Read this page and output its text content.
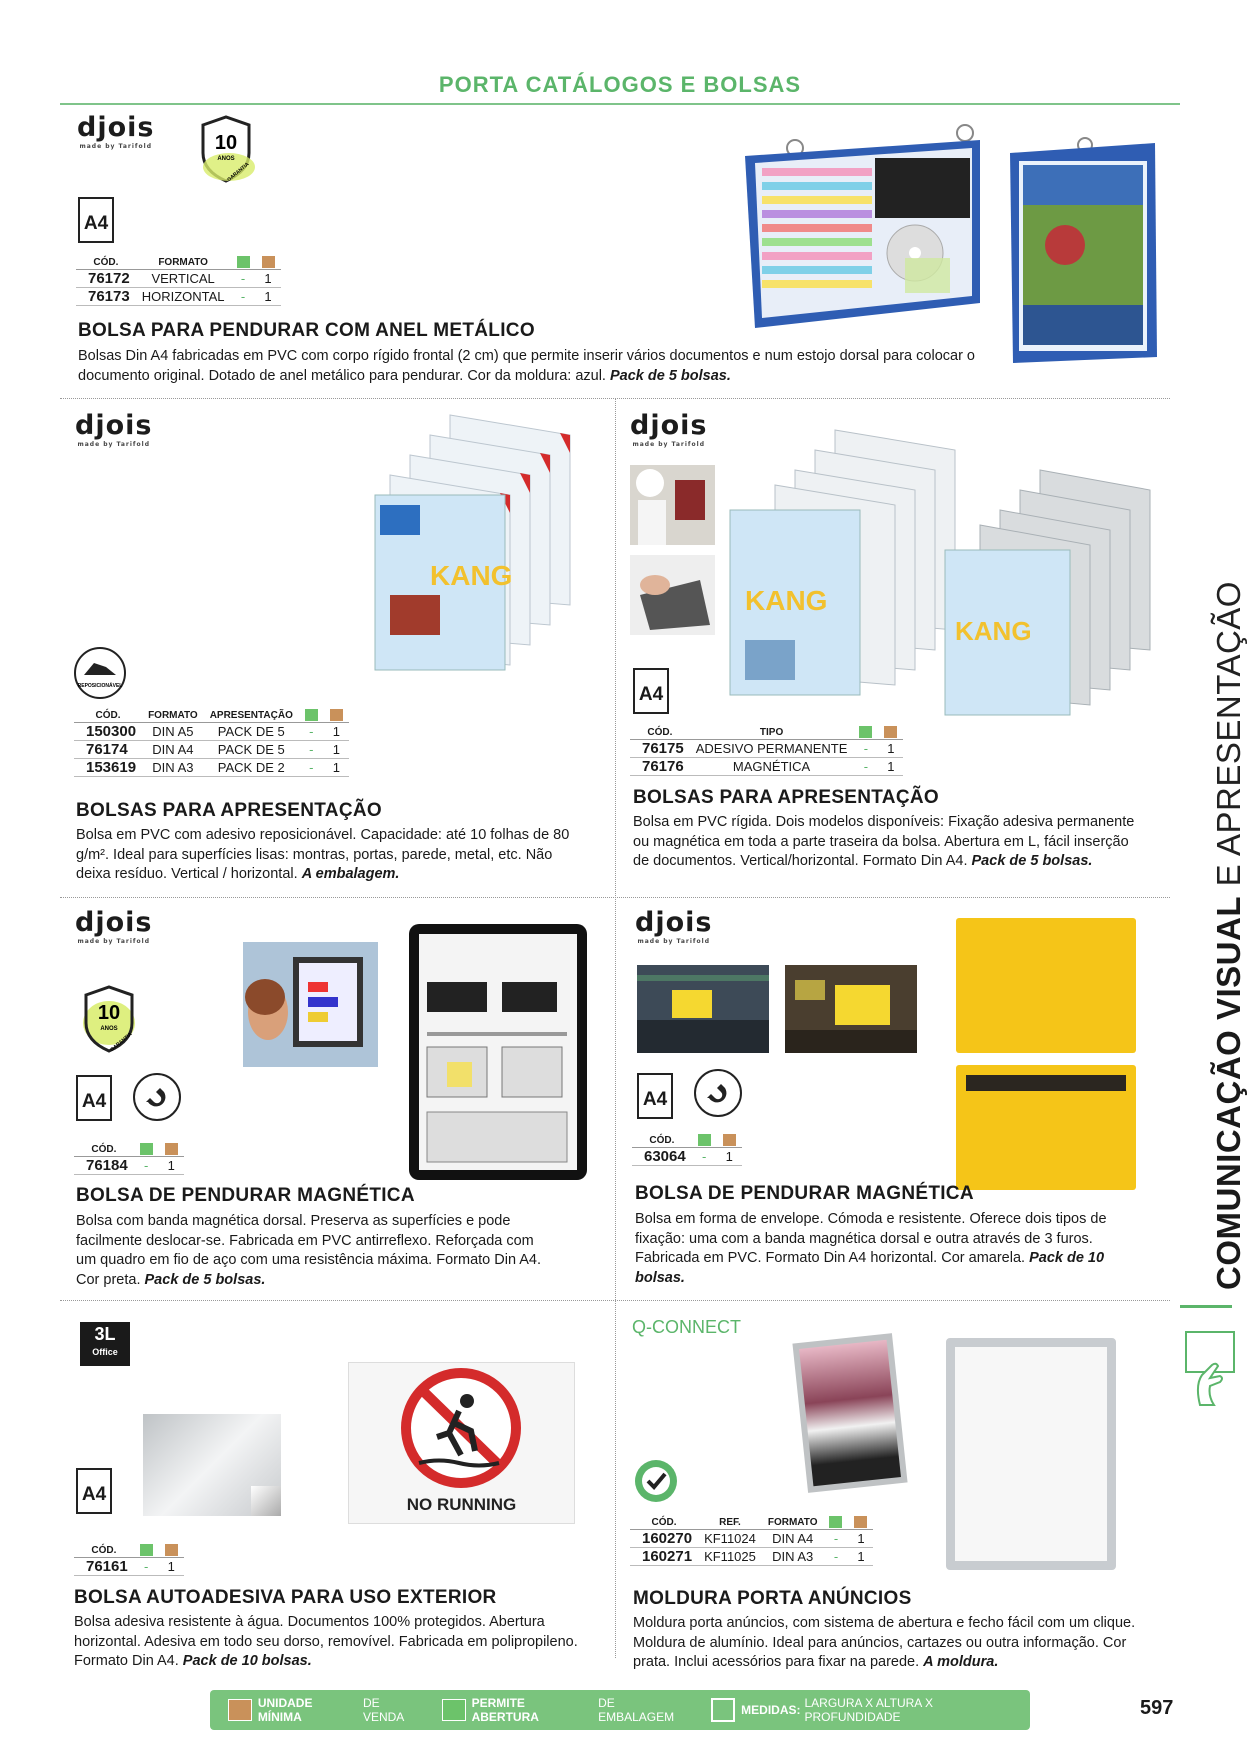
PORTA CATÁLOGOS E BOLSAS
djois
made by Tarifold	10
ANOS
GARANTIA
A4
CÓD.	FORMATO		
76172	VERTICAL	-	1
76173	HORIZONTAL	-	1
BOLSA PARA PENDURAR COM ANEL METÁLICO
Bolsas Din A4 fabricadas em PVC com corpo rígido frontal (2 cm) que permite inserir vários documentos e num estojo dorsal para colocar o documento original. Dotado de anel metálico para pendurar. Cor da moldura: azul. Pack de 5 bolsas.
djois
made by Tarifold
REPOSICIONÁVEL
KANG
CÓD.	FORMATO	APRESENTAÇÃO		
150300	DIN A5	PACK DE 5	-	1
76174	DIN A4	PACK DE 5	-	1
153619	DIN A3	PACK DE 2	-	1
BOLSAS PARA APRESENTAÇÃO
Bolsa em PVC com adesivo reposicionável. Capacidade: até 10 folhas de 80 g/m². Ideal para superfícies lisas: montras, portas, parede, metal, etc. Não deixa resíduo. Vertical / horizontal. A embalagem.
djois
made by Tarifold
KANG
KANG
A4
CÓD.	TIPO		
76175	ADESIVO PERMANENTE	-	1
76176	MAGNÉTICA	-	1
BOLSAS PARA APRESENTAÇÃO
Bolsa em PVC rígida. Dois modelos disponíveis: Fixação adesiva permanente ou magnética em toda a parte traseira da bolsa. Abertura em L, fácil inserção de documentos. Vertical/horizontal. Formato Din A4. Pack de 5 bolsas.
djois
made by Tarifold
10
ANOS
GARANTIA
A4
CÓD.		
76184	-	1
BOLSA DE PENDURAR MAGNÉTICA
Bolsa com banda magnética dorsal. Preserva as superfícies e pode facilmente deslocar-se. Fabricada em PVC antirreflexo. Reforçada com um quadro em fio de aço com uma resistência máxima. Formato Din A4. Cor preta. Pack de 5 bolsas.
djois
made by Tarifold
A4
CÓD.		
63064	-	1
BOLSA DE PENDURAR MAGNÉTICA
Bolsa em forma de envelope. Cómoda e resistente. Oferece dois tipos de fixação: uma com a banda magnética dorsal e outra através de 3 furos. Fabricada em PVC. Formato Din A4 horizontal. Cor amarela. Pack de 10 bolsas.
3L
Office
NO RUNNING
A4
CÓD.		
76161	-	1
BOLSA AUTOADESIVA PARA USO EXTERIOR
Bolsa adesiva resistente à água. Documentos 100% protegidos. Abertura horizontal. Adesiva em todo seu dorso, removível. Fabricada em polipropileno. Formato Din A4. Pack de 10 bolsas.
Q-CONNECT
CÓD.	REF.	FORMATO		
160270	KF11024	DIN A4	-	1
160271	KF11025	DIN A3	-	1
MOLDURA PORTA ANÚNCIOS
Moldura porta anúncios, com sistema de abertura e fecho fácil com um clique. Moldura de alumínio. Ideal para anúncios, cartazes ou outra informação. Cor prata. Inclui acessórios para fixar na parede. A moldura.
COMUNICAÇÃO VISUAL E APRESENTAÇÃO
UNIDADE MÍNIMA
DE VENDA
PERMITE ABERTURA
DE EMBALAGEM	MEDIDAS: LARGURA X ALTURA X PROFUNDIDADE	597
